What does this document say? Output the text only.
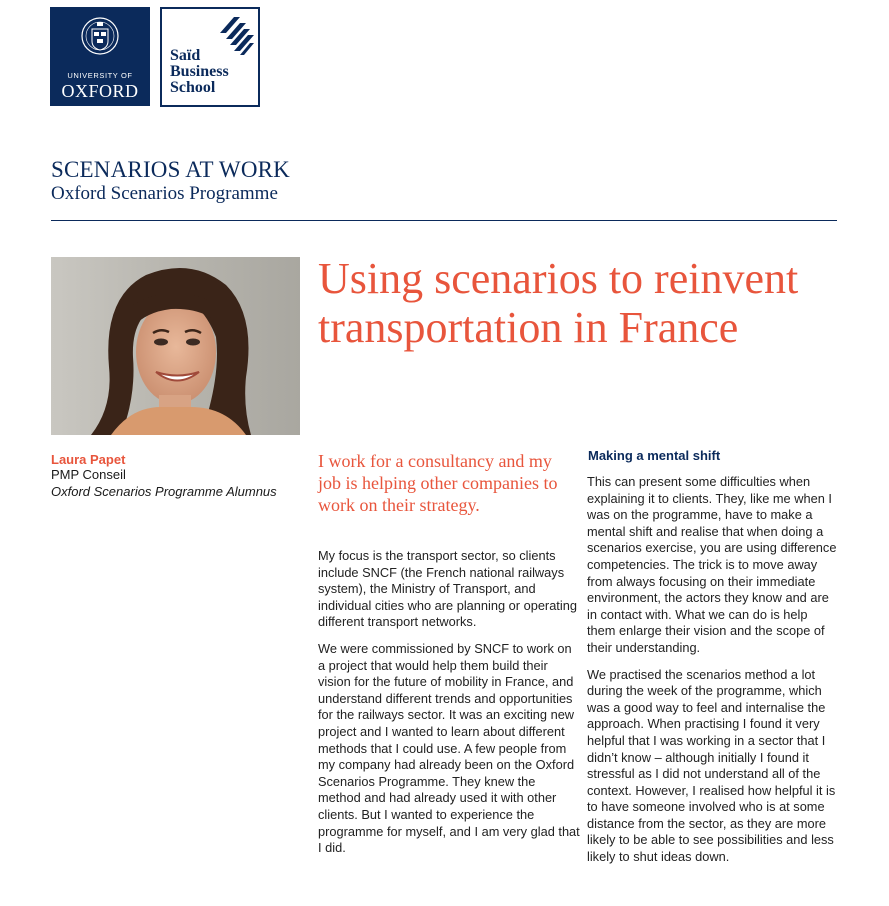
UNIVERSITY OF
OXFORD
Saïd
Business
School
SCENARIOS AT WORK
Oxford Scenarios Programme
Using scenarios to reinvent transportation in France
Laura Papet
PMP Conseil
Oxford Scenarios Programme Alumnus
I work for a consultancy and my job is helping other companies to work on their strategy.

My focus is the transport sector, so clients include SNCF (the French national railways system), the Ministry of Transport, and individual cities who are planning or operating different transport networks.

We were commissioned by SNCF to work on a project that would help them build their vision for the future of mobility in France, and understand different trends and opportunities for the railways sector. It was an exciting new project and I wanted to learn about different methods that I could use. A few people from my company had already been on the Oxford Scenarios Programme. They knew the method and had already used it with other clients. But I wanted to experience the programme for myself, and I am very glad that I did.

Making a mental shift

This can present some difficulties when explaining it to clients. They, like me when I was on the programme, have to make a mental shift and realise that when doing a scenarios exercise, you are using difference competencies. The trick is to move away from always focusing on their immediate environment, the actors they know and are in contact with. What we can do is help them enlarge their vision and the scope of their understanding.

We practised the scenarios method a lot during the week of the programme, which was a good way to feel and internalise the approach. When practising I found it very helpful that I was working in a sector that I didn’t know – although initially I found it stressful as I did not understand all of the context. However, I realised how helpful it is to have someone involved who is at some distance from the sector, as they are more likely to be able to see possibilities and less likely to shut ideas down.
